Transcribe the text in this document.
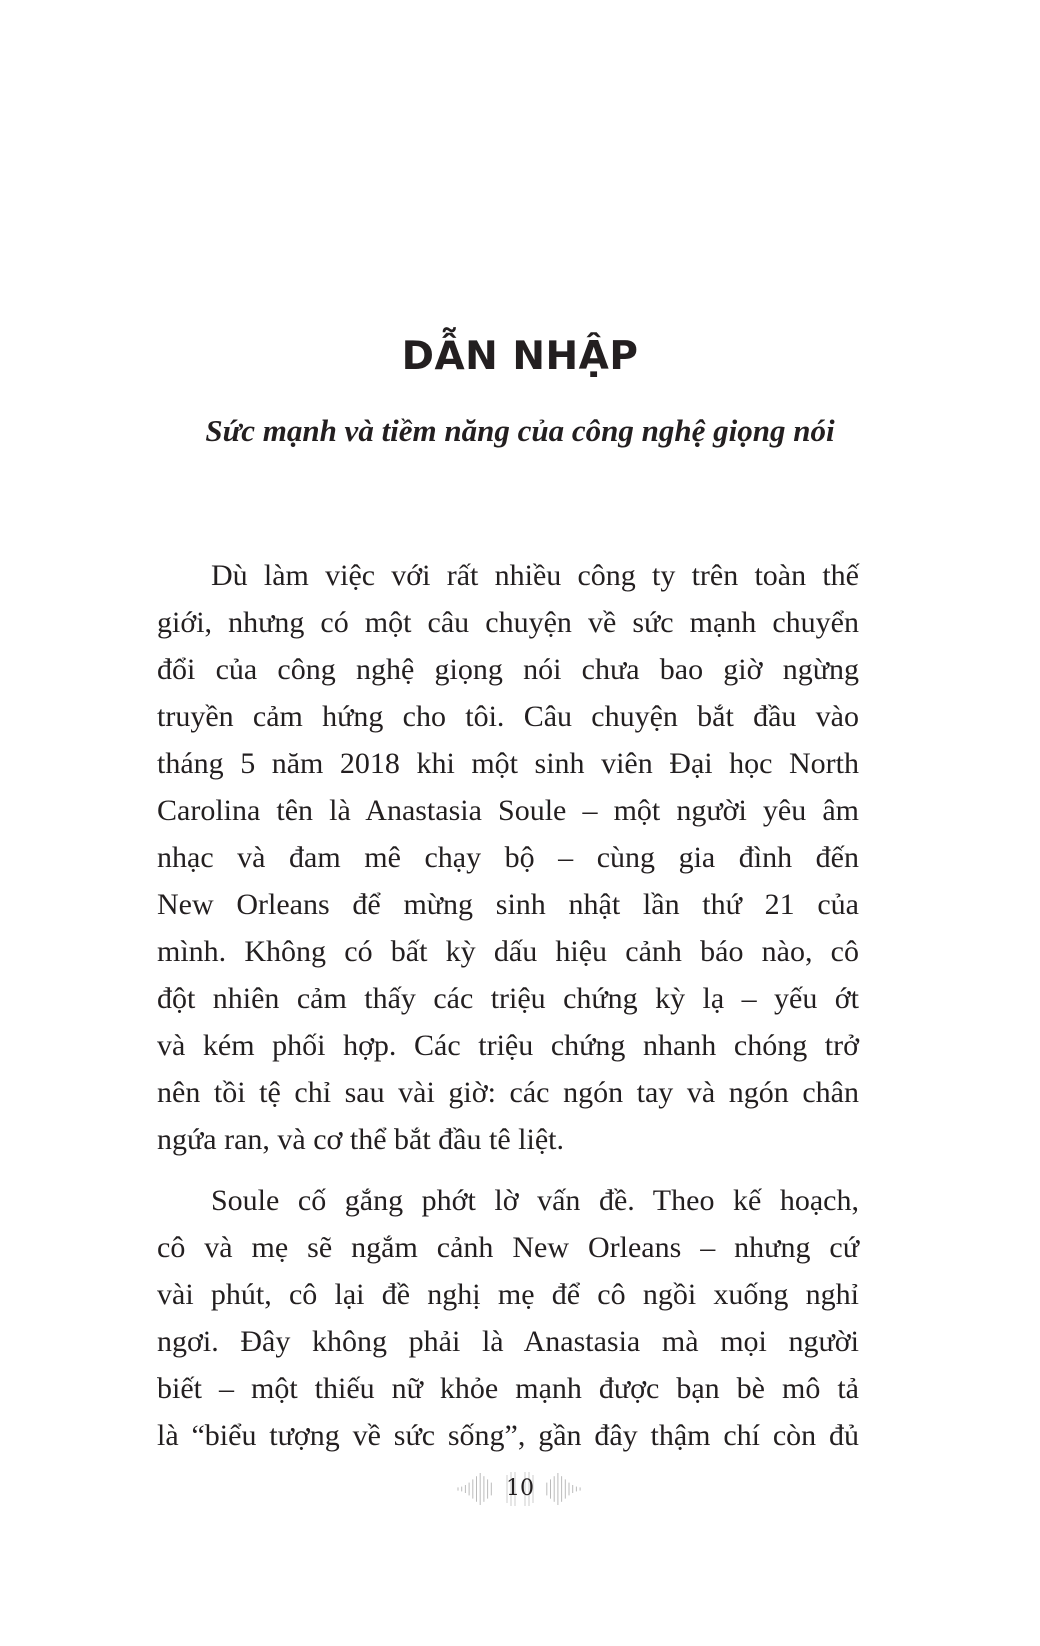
DẪN NHẬP
Sức mạnh và tiềm năng của công nghệ giọng nói
Dù làm việc với rất nhiều công ty trên toàn thế
giới, nhưng có một câu chuyện về sức mạnh chuyển
đổi của công nghệ giọng nói chưa bao giờ ngừng
truyền cảm hứng cho tôi. Câu chuyện bắt đầu vào
tháng 5 năm 2018 khi một sinh viên Đại học North
Carolina tên là Anastasia Soule – một người yêu âm
nhạc và đam mê chạy bộ – cùng gia đình đến
New Orleans để mừng sinh nhật lần thứ 21 của
mình. Không có bất kỳ dấu hiệu cảnh báo nào, cô
đột nhiên cảm thấy các triệu chứng kỳ lạ – yếu ớt
và kém phối hợp. Các triệu chứng nhanh chóng trở
nên tồi tệ chỉ sau vài giờ: các ngón tay và ngón chân
ngứa ran, và cơ thể bắt đầu tê liệt.
Soule cố gắng phớt lờ vấn đề. Theo kế hoạch,
cô và mẹ sẽ ngắm cảnh New Orleans – nhưng cứ
vài phút, cô lại đề nghị mẹ để cô ngồi xuống nghỉ
ngơi. Đây không phải là Anastasia mà mọi người
biết – một thiếu nữ khỏe mạnh được bạn bè mô tả
là “biểu tượng về sức sống”, gần đây thậm chí còn đủ
10
